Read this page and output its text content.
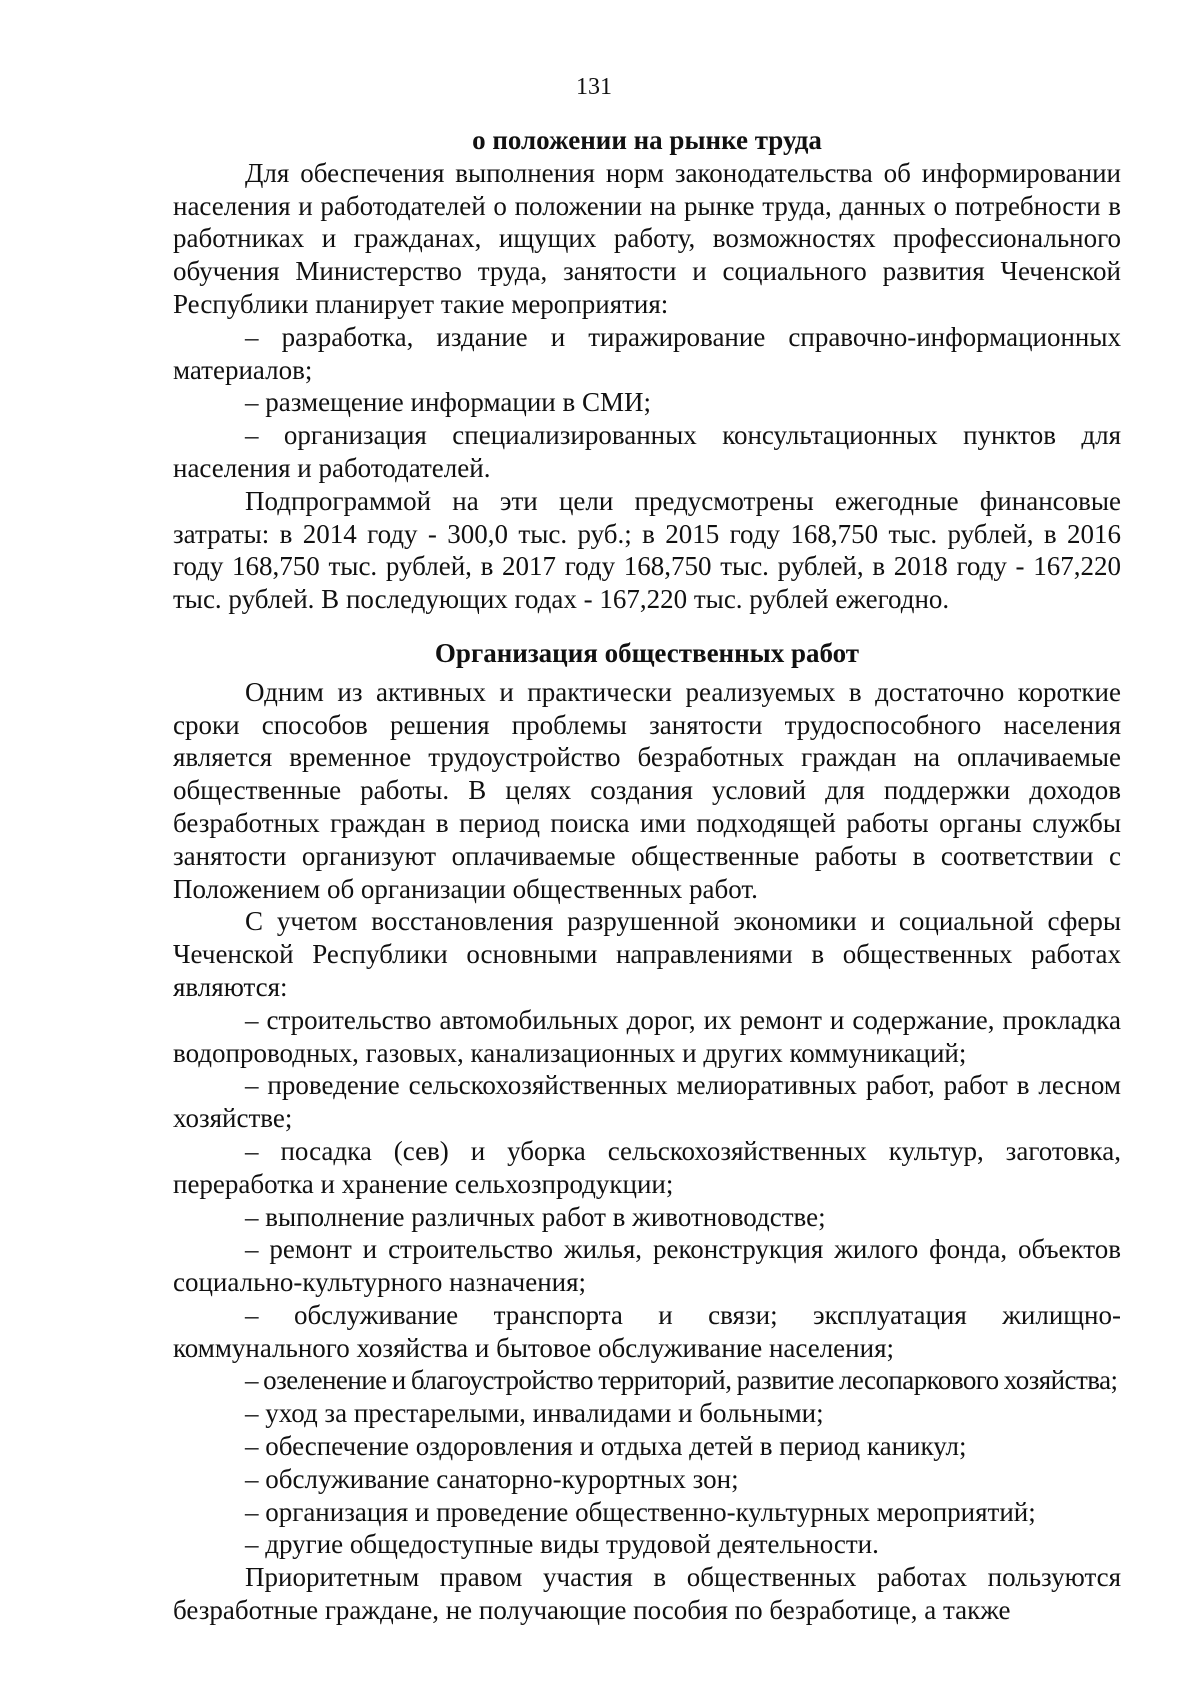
131
о положении на рынке труда

Для обеспечения выполнения норм законодательства об информировании населения и работодателей о положении на рынке труда, данных о потребности в работниках и гражданах, ищущих работу, возможностях профессионального обучения Министерство труда, занятости и социального развития Чеченской Республики планирует такие мероприятия:

– разработка, издание и тиражирование справочно-информационных материалов;

– размещение информации в СМИ;

– организация специализированных консультационных пунктов для населения и работодателей.

Подпрограммой на эти цели предусмотрены ежегодные финансовые затраты: в 2014 году - 300,0 тыс. руб.; в 2015 году 168,750 тыс. рублей, в 2016 году 168,750 тыс. рублей, в 2017 году 168,750 тыс. рублей, в 2018 году - 167,220 тыс. рублей. В последующих годах - 167,220 тыс. рублей ежегодно.

Организация общественных работ

Одним из активных и практически реализуемых в достаточно короткие сроки способов решения проблемы занятости трудоспособного населения является временное трудоустройство безработных граждан на оплачиваемые общественные работы. В целях создания условий для поддержки доходов безработных граждан в период поиска ими подходящей работы органы службы занятости организуют оплачиваемые общественные работы в соответствии с Положением об организации общественных работ.

С учетом восстановления разрушенной экономики и социальной сферы Чеченской Республики основными направлениями в общественных работах являются:

– строительство автомобильных дорог, их ремонт и содержание, прокладка водопроводных, газовых, канализационных и других коммуникаций;

– проведение сельскохозяйственных мелиоративных работ, работ в лесном хозяйстве;

– посадка (сев) и уборка сельскохозяйственных культур, заготовка, переработка и хранение сельхозпродукции;

– выполнение различных работ в животноводстве;

– ремонт и строительство жилья, реконструкция жилого фонда, объектов социально-культурного назначения;

– обслуживание транспорта и связи; эксплуатация жилищно-коммунального хозяйства и бытовое обслуживание населения;

– озеленение и благоустройство территорий, развитие лесопаркового хозяйства;

– уход за престарелыми, инвалидами и больными;

– обеспечение оздоровления и отдыха детей в период каникул;

– обслуживание санаторно-курортных зон;

– организация и проведение общественно-культурных мероприятий;

– другие общедоступные виды трудовой деятельности.

Приоритетным правом участия в общественных работах пользуются безработные граждане, не получающие пособия по безработице, а также
